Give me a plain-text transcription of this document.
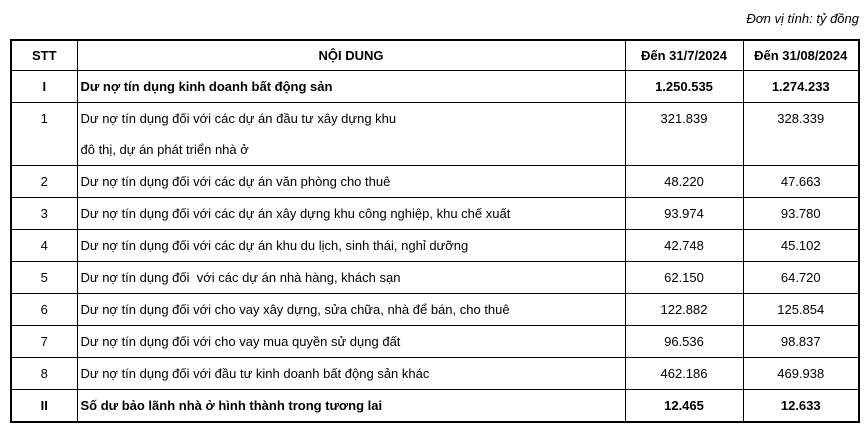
Đơn vị tính: tỷ đồng
STT	NỘI DUNG	Đến 31/7/2024	Đến 31/08/2024
I	Dư nợ tín dụng kinh doanh bất động sản	1.250.535	1.274.233
1	Dư nợ tín dụng đối với các dự án đầu tư xây dựng khu
đô thị, dự án phát triển nhà ở	321.839	328.339
2	Dư nợ tín dụng đối với các dự án văn phòng cho thuê	48.220	47.663
3	Dư nợ tín dụng đối với các dự án xây dựng khu công nghiệp, khu chế xuất	93.974	93.780
4	Dư nợ tín dụng đối với các dự án khu du lịch, sinh thái, nghỉ dưỡng	42.748	45.102
5	Dư nợ tín dụng đối  với các dự án nhà hàng, khách sạn	62.150	64.720
6	Dư nợ tín dụng đối với cho vay xây dựng, sửa chữa, nhà để bán, cho thuê	122.882	125.854
7	Dư nợ tín dụng đối với cho vay mua quyền sử dụng đất	96.536	98.837
8	Dư nợ tín dụng đối với đầu tư kinh doanh bất động sản khác	462.186	469.938
II	Số dư bảo lãnh nhà ở hình thành trong tương lai	12.465	12.633
